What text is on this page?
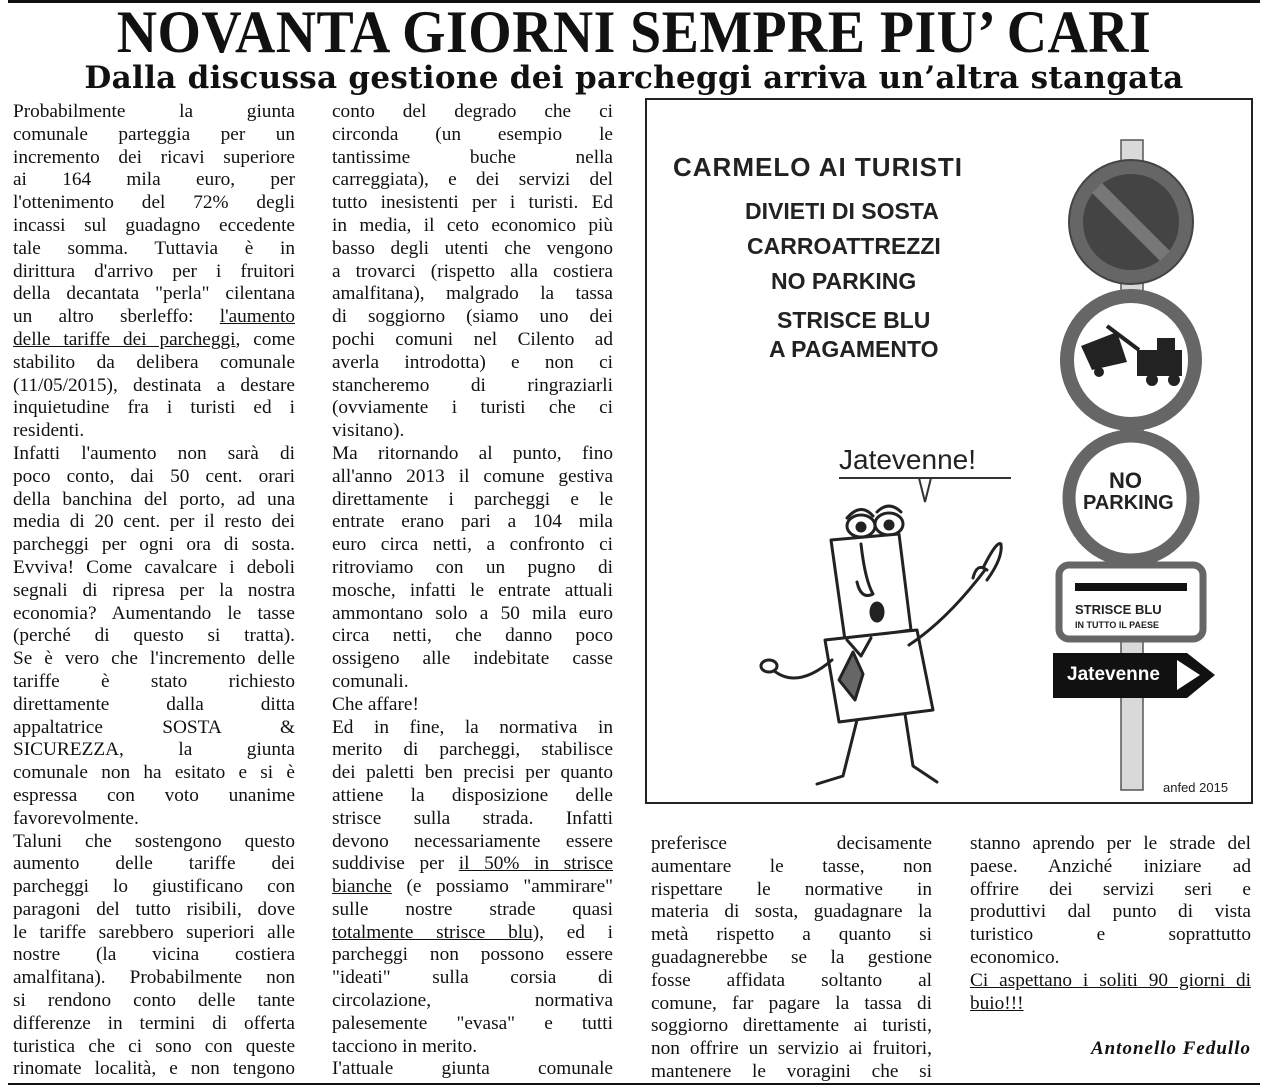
NOVANTA GIORNI SEMPRE PIU’ CARI
Dalla discussa gestione dei parcheggi arriva un’altra stangata
Probabilmente la giunta
comunale parteggia per un
incremento dei ricavi superiore
ai 164 mila euro, per
l'ottenimento del 72% degli
incassi sul guadagno eccedente
tale somma. Tuttavia è in
dirittura d'arrivo per i fruitori
della decantata "perla" cilentana
un altro sberleffo: l'aumento
delle tariffe dei parcheggi, come
stabilito da delibera comunale
(11/05/2015), destinata a destare
inquietudine fra i turisti ed i
residenti.
Infatti l'aumento non sarà di
poco conto, dai 50 cent. orari
della banchina del porto, ad una
media di 20 cent. per il resto dei
parcheggi per ogni ora di sosta.
Evviva! Come cavalcare i deboli
segnali di ripresa per la nostra
economia? Aumentando le tasse
(perché di questo si tratta).
Se è vero che l'incremento delle
tariffe è stato richiesto
direttamente dalla ditta
appaltatrice SOSTA &
SICUREZZA, la giunta
comunale non ha esitato e si è
espressa con voto unanime
favorevolmente.
Taluni che sostengono questo
aumento delle tariffe dei
parcheggi lo giustificano con
paragoni del tutto risibili, dove
le tariffe sarebbero superiori alle
nostre (la vicina costiera
amalfitana). Probabilmente non
si rendono conto delle tante
differenze in termini di offerta
turistica che ci sono con queste
rinomate località, e non tengono
conto del degrado che ci
circonda (un esempio le
tantissime buche nella
carreggiata), e dei servizi del
tutto inesistenti per i turisti. Ed
in media, il ceto economico più
basso degli utenti che vengono
a trovarci (rispetto alla costiera
amalfitana), malgrado la tassa
di soggiorno (siamo uno dei
pochi comuni nel Cilento ad
averla introdotta) e non ci
stancheremo di ringraziarli
(ovviamente i turisti che ci
visitano).
Ma ritornando al punto, fino
all'anno 2013 il comune gestiva
direttamente i parcheggi e le
entrate erano pari a 104 mila
euro circa netti, a confronto ci
ritroviamo con un pugno di
mosche, infatti le entrate attuali
ammontano solo a 50 mila euro
circa netti, che danno poco
ossigeno alle indebitate casse
comunali.
Che affare!
Ed in fine, la normativa in
merito di parcheggi, stabilisce
dei paletti ben precisi per quanto
attiene la disposizione delle
strisce sulla strada. Infatti
devono necessariamente essere
suddivise per il 50% in strisce
bianche (e possiamo "ammirare"
sulle nostre strade quasi
totalmente strisce blu), ed i
parcheggi non possono essere
"ideati" sulla corsia di
circolazione, normativa
palesemente "evasa" e tutti
tacciono in merito.
I'attuale giunta comunale
CARMELO AI TURISTI
DIVIETI DI SOSTA
CARROATTREZZI
NO PARKING
STRISCE BLU
A PAGAMENTO
Jatevenne!
NO
PARKING
STRISCE BLU
IN TUTTO IL PAESE
Jatevenne
anfed 2015
preferisce decisamente
aumentare le tasse, non
rispettare le normative in
materia di sosta, guadagnare la
metà rispetto a quanto si
guadagnerebbe se la gestione
fosse affidata soltanto al
comune, far pagare la tassa di
soggiorno direttamente ai turisti,
non offrire un servizio ai fruitori,
mantenere le voragini che si
stanno aprendo per le strade del
paese. Anziché iniziare ad
offrire dei servizi seri e
produttivi dal punto di vista
turistico e soprattutto
economico.
Ci aspettano i soliti 90 giorni di
buio!!!
Antonello Fedullo
